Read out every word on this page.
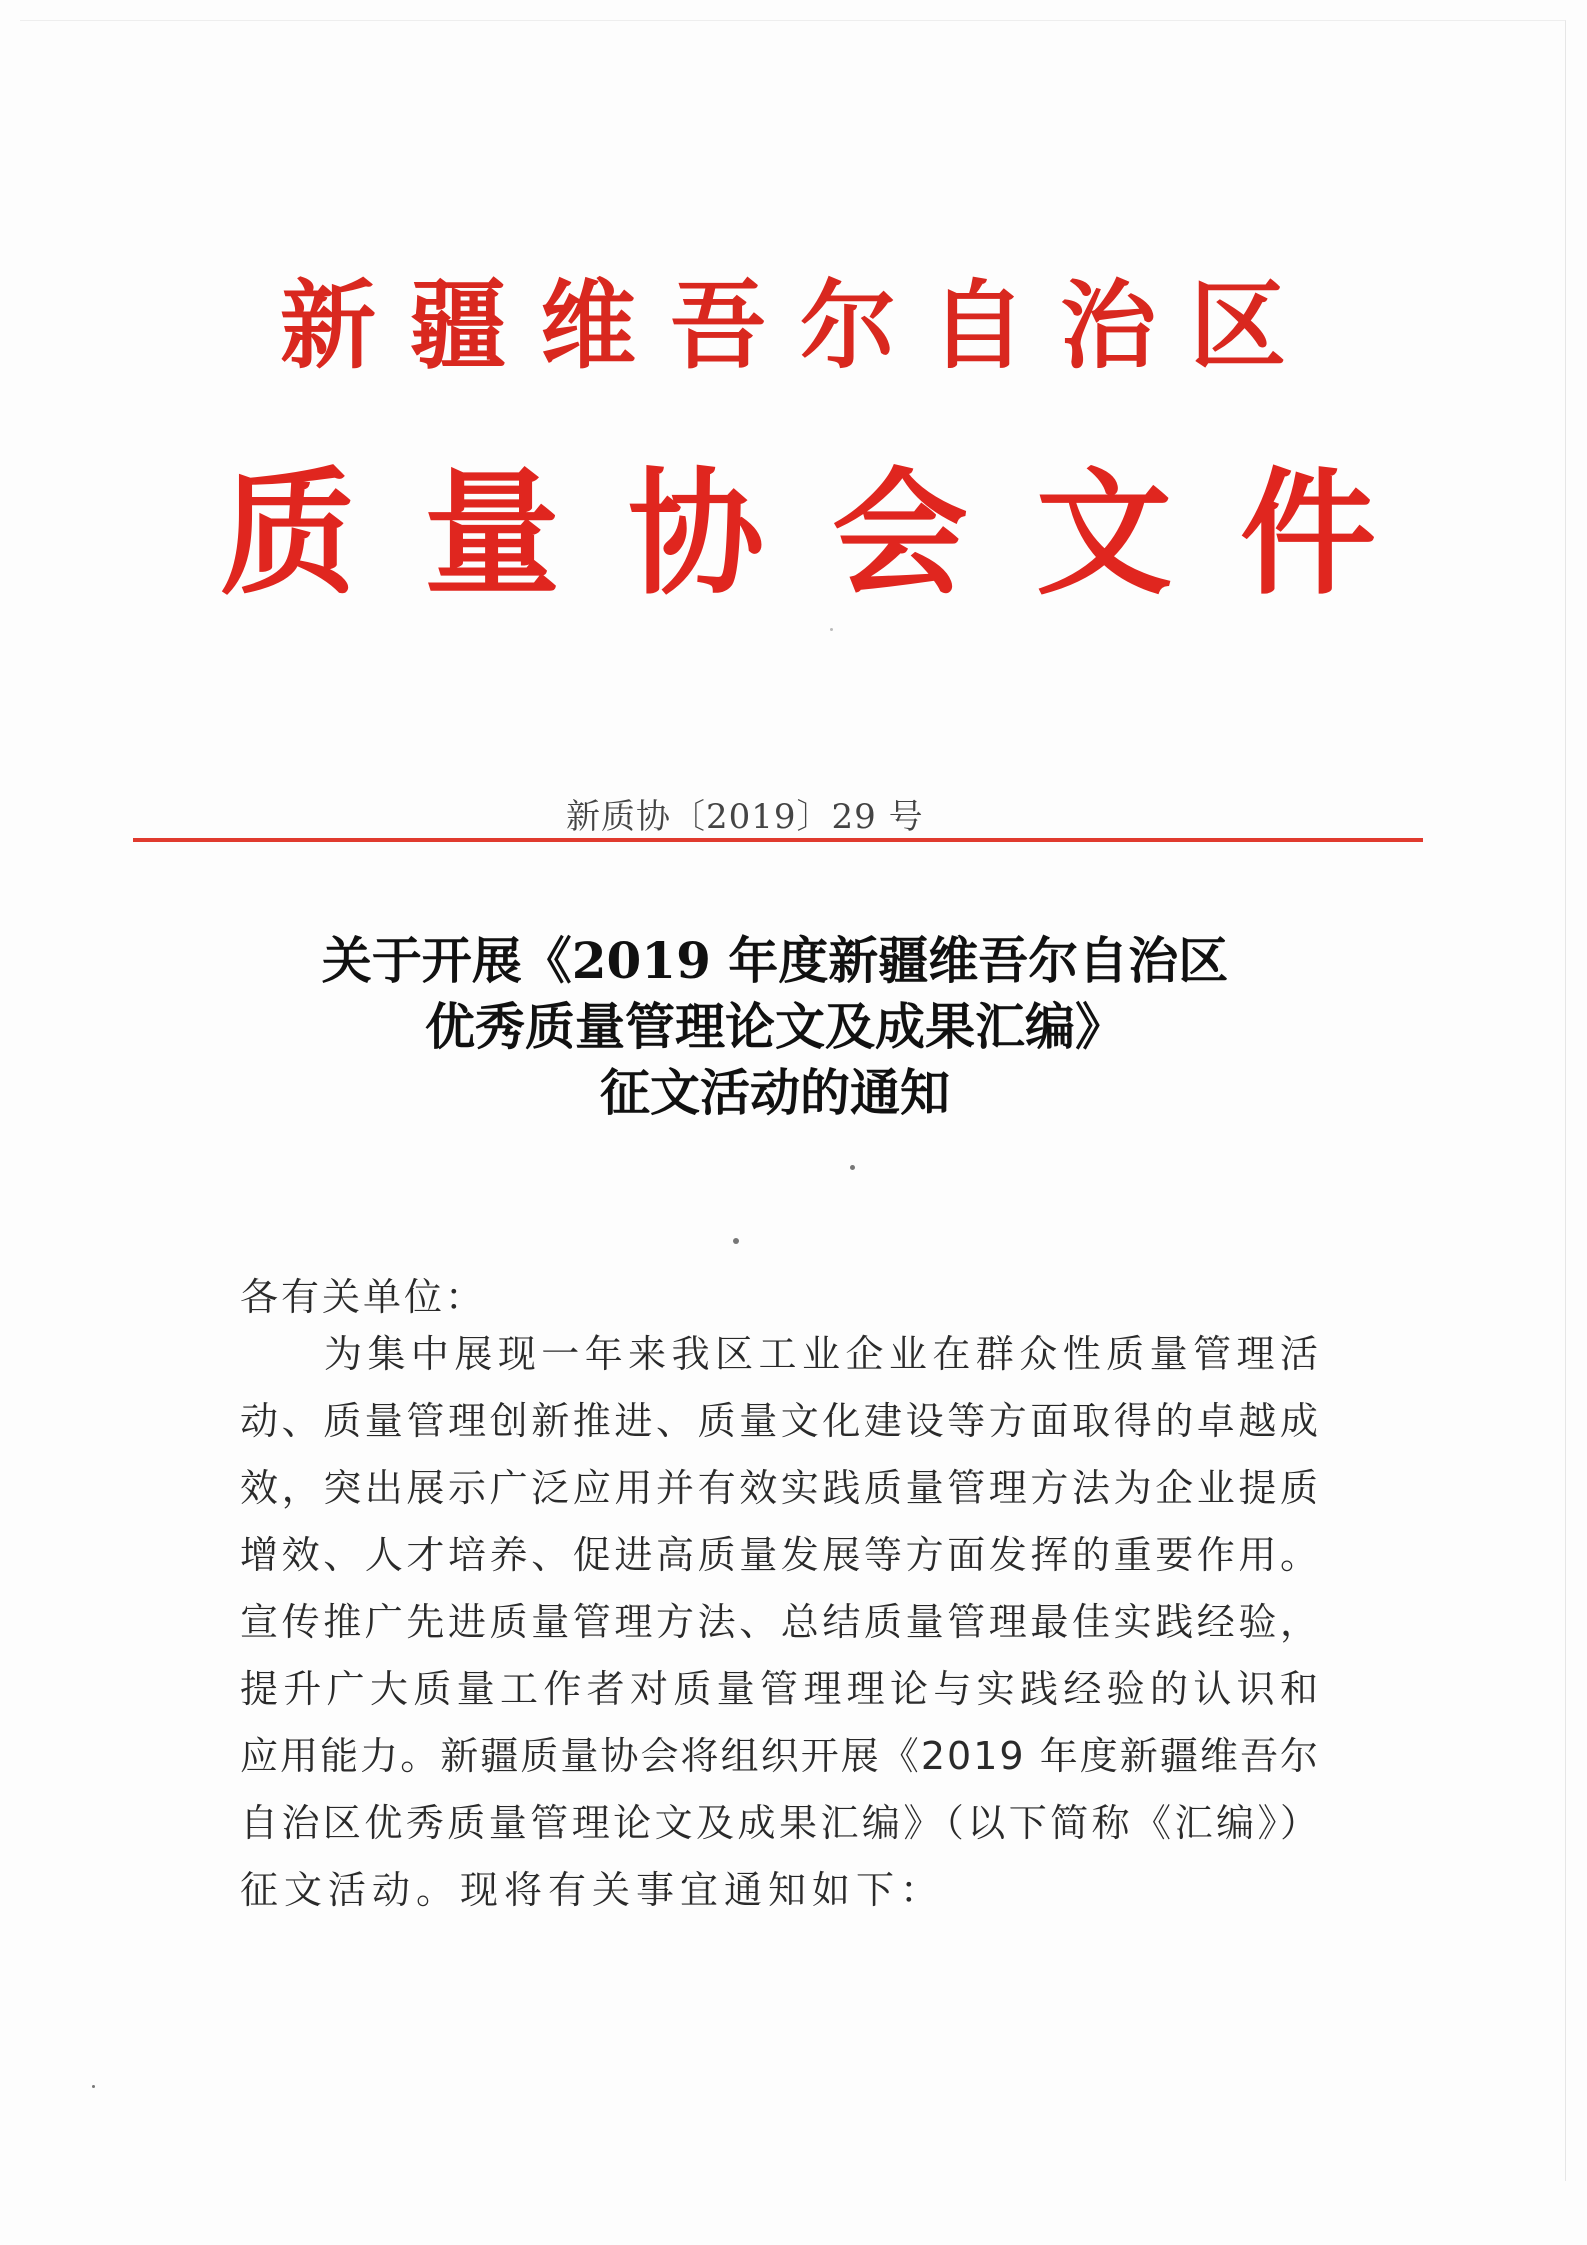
新疆维吾尔自治区
质量协会文件
新质协〔2019〕29 号
关于开展《2019 年度新疆维吾尔自治区
优秀质量管理论文及成果汇编》
征文活动的通知
各有关单位：
为集中展现一年来我区工业企业在群众性质量管理活
动、质量管理创新推进、质量文化建设等方面取得的卓越成
效，突出展示广泛应用并有效实践质量管理方法为企业提质
增效、人才培养、促进高质量发展等方面发挥的重要作用。
宣传推广先进质量管理方法、总结质量管理最佳实践经验，
提升广大质量工作者对质量管理理论与实践经验的认识和
应用能力。新疆质量协会将组织开展《2019 年度新疆维吾尔
自治区优秀质量管理论文及成果汇编》（以下简称《汇编》）
征文活动。现将有关事宜通知如下：
